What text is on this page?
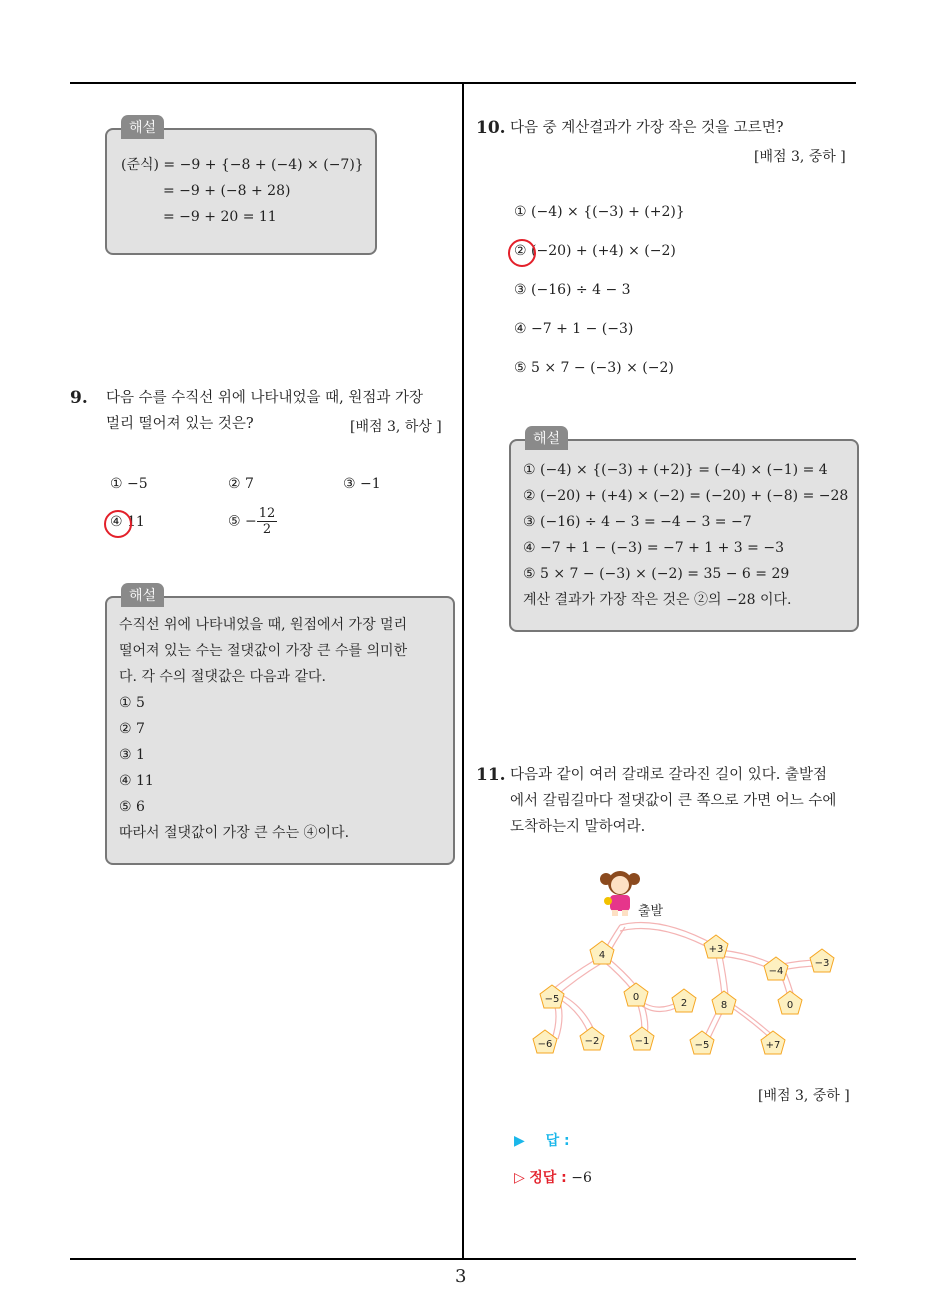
3
해설
(준식) = −9 + {−8 + (−4) × (−7)}
= −9 + (−8 + 28)
= −9 + 20 = 11
9. 다음 수를 수직선 위에 나타내었을 때, 원점과 가장
멀리 떨어져 있는 것은?	[배점 3, 하상 ]
① −5	② 7	③ −1
④ 11	⑤ − $\frac{12}{2}$
해설
수직선 위에 나타내었을 때, 원점에서 가장 멀리
떨어져 있는 수는 절댓값이 가장 큰 수를 의미한
다. 각 수의 절댓값은 다음과 같다.
① 5
② 7
③ 1
④ 11
⑤ 6
따라서 절댓값이 가장 큰 수는 ④이다.
10. 다음 중 계산결과가 가장 작은 것을 고르면?
[배점 3, 중하 ]
① (−4) × {(−3) + (+2)}
② (−20) + (+4) × (−2)
③ (−16) ÷ 4 − 3
④ −7 + 1 − (−3)
⑤ 5 × 7 − (−3) × (−2)
해설
① (−4) × {(−3) + (+2)} = (−4) × (−1) = 4
② (−20) + (+4) × (−2) = (−20) + (−8) = −28
③ (−16) ÷ 4 − 3 = −4 − 3 = −7
④ −7 + 1 − (−3) = −7 + 1 + 3 = −3
⑤ 5 × 7 − (−3) × (−2) = 35 − 6 = 29
계산 결과가 가장 작은 것은 ②의 −28 이다.
11. 다음과 같이 여러 갈래로 갈라진 길이 있다. 출발점
에서 갈림길마다 절댓값이 큰 쪽으로 가면 어느 수에
도착하는지 말하여라.
출발
4
+3
−4
−3
−5	0
2	8	0
−6	−2	−1	−5	+7
[배점 3, 중하 ]
▶ 답 :
▷ 정답 : −6
